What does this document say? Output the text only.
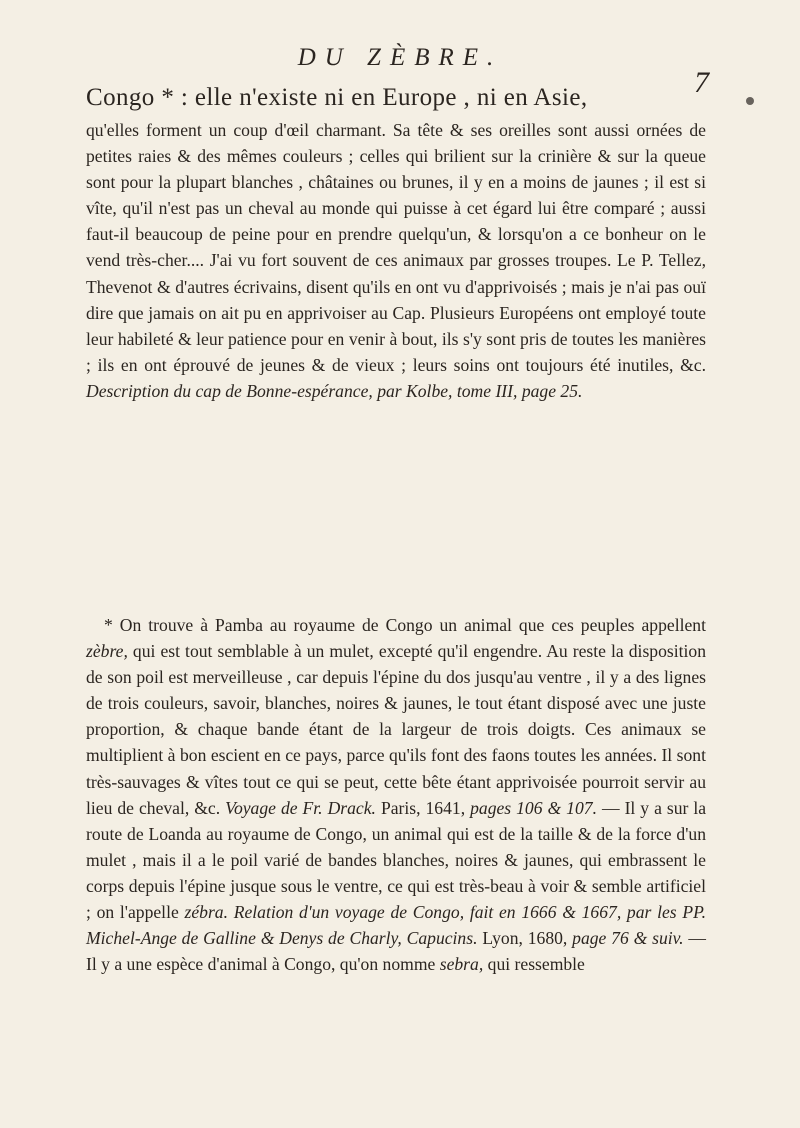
DU ZÈBRE.
7
Congo * : elle n'existe ni en Europe , ni en Asie,
qu'elles forment un coup d'œil charmant. Sa tête & ses oreilles sont aussi ornées de petites raies & des mêmes couleurs ; celles qui brilient sur la crinière & sur la queue sont pour la plupart blanches , châtaines ou brunes, il y en a moins de jaunes ; il est si vîte, qu'il n'est pas un cheval au monde qui puisse à cet égard lui être comparé ; aussi faut-il beaucoup de peine pour en prendre quelqu'un, & lorsqu'on a ce bonheur on le vend très-cher.... J'ai vu fort souvent de ces animaux par grosses troupes. Le P. Tellez, Thevenot & d'autres écrivains, disent qu'ils en ont vu d'apprivoisés ; mais je n'ai pas ouï dire que jamais on ait pu en apprivoiser au Cap. Plusieurs Européens ont employé toute leur habileté & leur patience pour en venir à bout, ils s'y sont pris de toutes les manières ; ils en ont éprouvé de jeunes & de vieux ; leurs soins ont toujours été inutiles, &c. Description du cap de Bonne-espérance, par Kolbe, tome III, page 25.
* On trouve à Pamba au royaume de Congo un animal que ces peuples appellent zèbre, qui est tout semblable à un mulet, excepté qu'il engendre. Au reste la disposition de son poil est merveilleuse , car depuis l'épine du dos jusqu'au ventre , il y a des lignes de trois couleurs, savoir, blanches, noires & jaunes, le tout étant disposé avec une juste proportion, & chaque bande étant de la largeur de trois doigts. Ces animaux se multiplient à bon escient en ce pays, parce qu'ils font des faons toutes les années. Il sont très-sauvages & vîtes tout ce qui se peut, cette bête étant apprivoisée pourroit servir au lieu de cheval, &c. Voyage de Fr. Drack. Paris, 1641, pages 106 & 107. — Il y a sur la route de Loanda au royaume de Congo, un animal qui est de la taille & de la force d'un mulet , mais il a le poil varié de bandes blanches, noires & jaunes, qui embrassent le corps depuis l'épine jusque sous le ventre, ce qui est très-beau à voir & semble artificiel ; on l'appelle zébra. Relation d'un voyage de Congo, fait en 1666 & 1667, par les PP. Michel-Ange de Galline & Denys de Charly, Capucins. Lyon, 1680, page 76 & suiv. — Il y a une espèce d'animal à Congo, qu'on nomme sebra, qui ressemble
